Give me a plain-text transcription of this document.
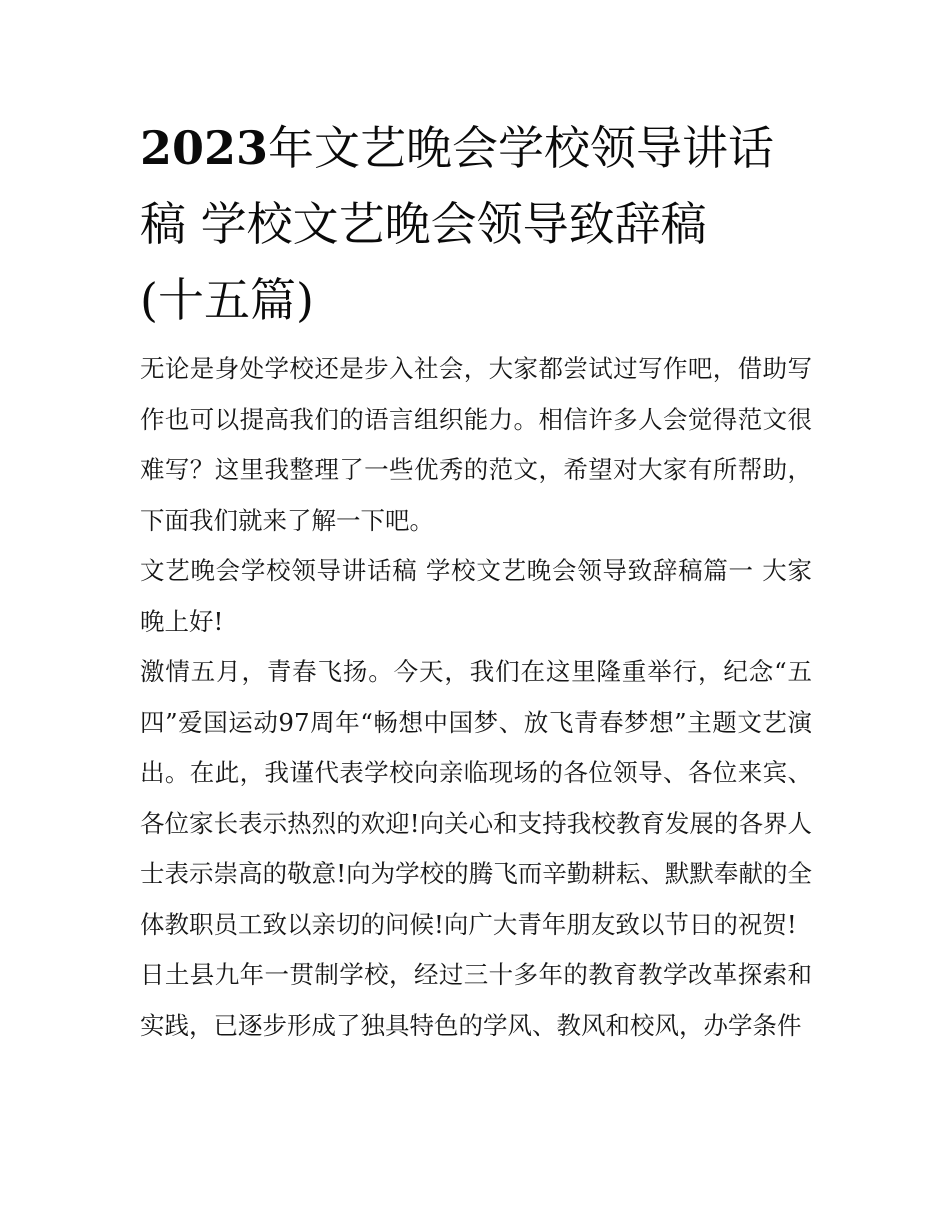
2023年文艺晚会学校领导讲话
稿 学校文艺晚会领导致辞稿
(十五篇)

无论是身处学校还是步入社会，大家都尝试过写作吧，借助写作也可以提高我们的语言组织能力。相信许多人会觉得范文很难写？这里我整理了一些优秀的范文，希望对大家有所帮助，下面我们就来了解一下吧。

文艺晚会学校领导讲话稿 学校文艺晚会领导致辞稿篇一 大家晚上好!

激情五月，青春飞扬。今天，我们在这里隆重举行，纪念“五四”爱国运动97周年“畅想中国梦、放飞青春梦想”主题文艺演出。在此，我谨代表学校向亲临现场的各位领导、各位来宾、各位家长表示热烈的欢迎!向关心和支持我校教育发展的各界人士表示崇高的敬意!向为学校的腾飞而辛勤耕耘、默默奉献的全体教职员工致以亲切的问候!向广大青年朋友致以节日的祝贺!

日土县九年一贯制学校，经过三十多年的教育教学改革探索和实践，已逐步形成了独具特色的学风、教风和校风，办学条件
